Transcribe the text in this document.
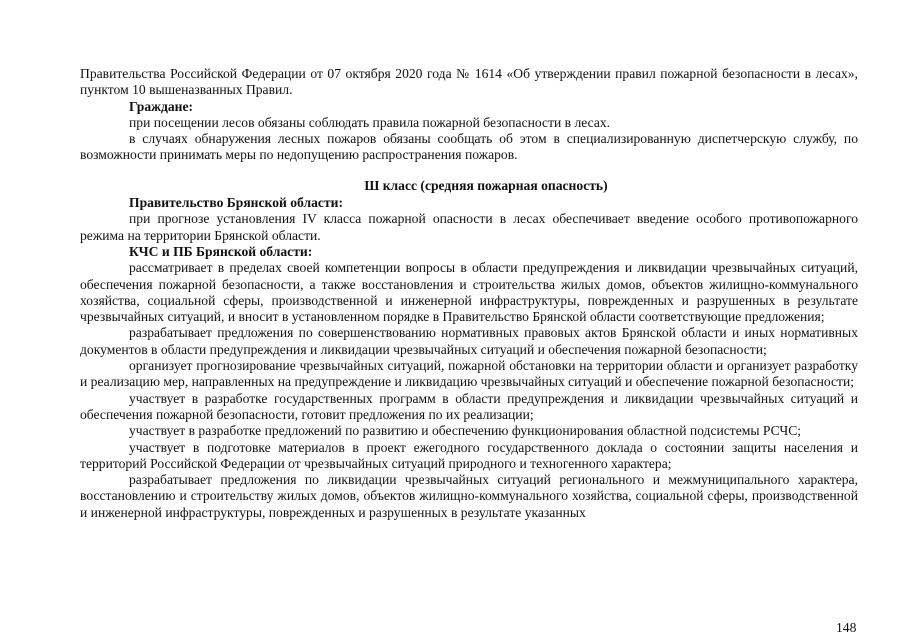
Правительства Российской Федерации от 07 октября 2020 года № 1614 «Об утверждении правил пожарной безопасности в лесах», пунктом 10 вышеназванных Правил.

Граждане:

при посещении лесов обязаны соблюдать правила пожарной безопасности в лесах.

в случаях обнаружения лесных пожаров обязаны сообщать об этом в специализированную диспетчерскую службу, по возможности принимать меры по недопущению распространения пожаров.

Ш класс (средняя пожарная опасность)

Правительство Брянской области:

при прогнозе установления IV класса пожарной опасности в лесах обеспечивает введение особого противопожарного режима на территории Брянской области.

КЧС и ПБ Брянской области:

рассматривает в пределах своей компетенции вопросы в области предупреждения и ликвидации чрезвычайных ситуаций, обеспечения пожарной безопасности, а также восстановления и строительства жилых домов, объектов жилищно-коммунального хозяйства, социальной сферы, производственной и инженерной инфраструктуры, поврежденных и разрушенных в результате чрезвычайных ситуаций, и вносит в установленном порядке в Правительство Брянской области соответствующие предложения;

разрабатывает предложения по совершенствованию нормативных правовых актов Брянской области и иных нормативных документов в области предупреждения и ликвидации чрезвычайных ситуаций и обеспечения пожарной безопасности;

организует прогнозирование чрезвычайных ситуаций, пожарной обстановки на территории области и организует разработку и реализацию мер, направленных на предупреждение и ликвидацию чрезвычайных ситуаций и обеспечение пожарной безопасности;

участвует в разработке государственных программ в области предупреждения и ликвидации чрезвычайных ситуаций и обеспечения пожарной безопасности, готовит предложения по их реализации;

участвует в разработке предложений по развитию и обеспечению функционирования областной подсистемы РСЧС;

участвует в подготовке материалов в проект ежегодного государственного доклада о состоянии защиты населения и территорий Российской Федерации от чрезвычайных ситуаций природного и техногенного характера;

разрабатывает предложения по ликвидации чрезвычайных ситуаций регионального и межмуниципального характера, восстановлению и строительству жилых домов, объектов жилищно-коммунального хозяйства, социальной сферы, производственной и инженерной инфраструктуры, поврежденных и разрушенных в результате указанных

148
